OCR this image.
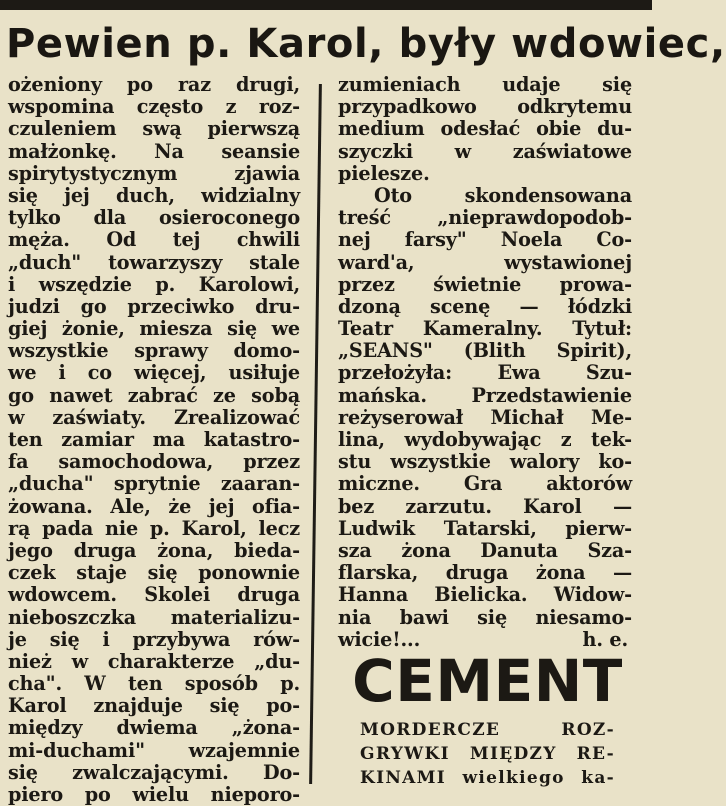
Pewien p. Karol, były wdowiec,
ożeniony po raz drugi,
wspomina często z roz-
czuleniem swą pierwszą
małżonkę. Na seansie
spirytystycznym zjawia
się jej duch, widzialny
tylko dla osieroconego
męża. Od tej chwili
„duch" towarzyszy stale
i wszędzie p. Karolowi,
judzi go przeciwko dru-
giej żonie, miesza się we
wszystkie sprawy domo-
we i co więcej, usiłuje
go nawet zabrać ze sobą
w zaświaty. Zrealizować
ten zamiar ma katastro-
fa samochodowa, przez
„ducha" sprytnie zaaran-
żowana. Ale, że jej ofia-
rą pada nie p. Karol, lecz
jego druga żona, bieda-
czek staje się ponownie
wdowcem. Skolei druga
nieboszczka materializu-
je się i przybywa rów-
nież w charakterze „du-
cha". W ten sposób p.
Karol znajduje się po-
między dwiema „żona-
mi-duchami" wzajemnie
się zwalczającymi. Do-
piero po wielu nieporo-
zumieniach udaje się
przypadkowo odkrytemu
medium odesłać obie du-
szyczki w zaświatowe
pielesze.
Oto skondensowana
treść „nieprawdopodob-
nej farsy" Noela Co-
ward'a, wystawionej
przez świetnie prowa-
dzoną scenę — łódzki
Teatr Kameralny. Tytuł:
„SEANS" (Blith Spirit),
przełożyła: Ewa Szu-
mańska. Przedstawienie
reżyserował Michał Me-
lina, wydobywając z tek-
stu wszystkie walory ko-
miczne. Gra aktorów
bez zarzutu. Karol —
Ludwik Tatarski, pierw-
sza żona Danuta Sza-
flarska, druga żona —
Hanna Bielicka. Widow-
nia bawi się niesamo-
wicie!...	h. e.
CEMENT
MORDERCZE ROZ-
GRYWKI MIĘDZY RE-
KINAMI wielkiego ka-
